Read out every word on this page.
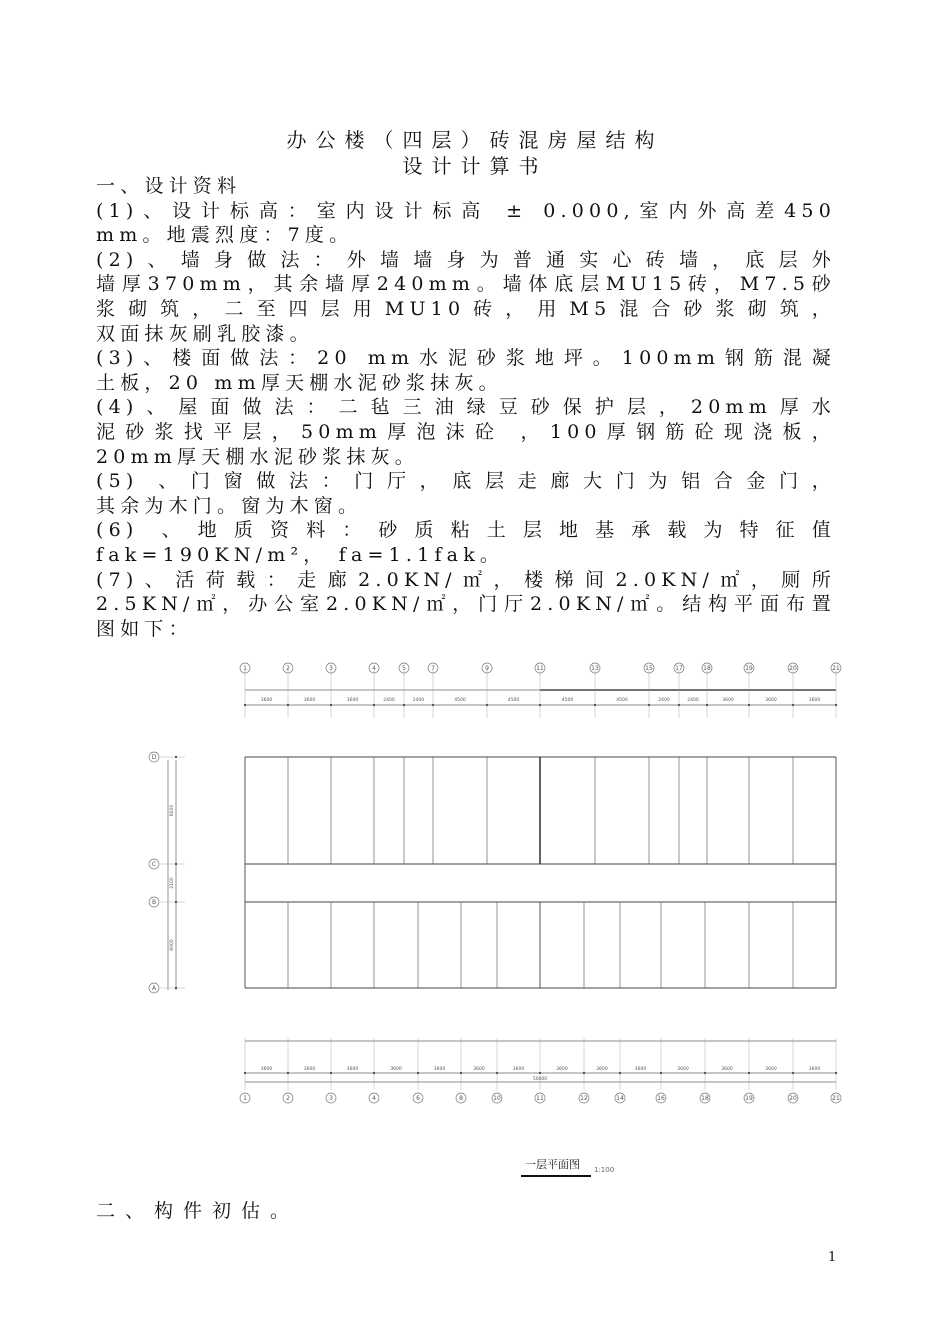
办公楼（四层）砖混房屋结构
设计计算书

一、设计资料

(1)、设计标高：室内设计标高 ± 0.000,室内外高差450

mm。地震烈度：7度。

(2)、墙身做法：外墙墙身为普通实心砖墙，底层外

墙厚370mm，其余墙厚240mm。墙体底层MU15砖，M7.5砂

浆砌筑，二至四层用MU10砖，用M5混合砂浆砌筑，

双面抹灰刷乳胶漆。

(3)、楼面做法：20 mm水泥砂浆地坪。100mm钢筋混凝

土板，20 mm厚天棚水泥砂浆抹灰。

(4)、屋面做法：二毡三油绿豆砂保护层，20mm厚水

泥砂浆找平层，50mm厚泡沫砼 ，100厚钢筋砼现浇板，

20mm厚天棚水泥砂浆抹灰。

(5) 、门窗做法：门厅，底层走廊大门为铝合金门，

其余为木门。窗为木窗。

(6) 、地质资料：砂质粘土层地基承载为特征值

fak=190KN/m²， fa=1.1fak。

(7)、活荷载：走廊2.0KN/㎡，楼梯间2.0KN/㎡，厕所

2.5KN/㎡，办公室2.0KN/㎡，门厅2.0KN/㎡。结构平面布置

图如下：

1	2	3	4	5	7	9	11	13	15	17	18	19	20	21
3600	3600	3600	2400	2400	4500	4500	4500	4500	2400	2400	3600	3600	3600
1	2	3	4	6	8	10	11	12	14	16	18	19	20	21
3600	3600	3600	3600	3600	3600	3600	3600	3600	3600	3600	3600	3600	3600
50400
D
C
B
A
6000
2100
6000
一层平面图 1:100
二、构件初估。
1
